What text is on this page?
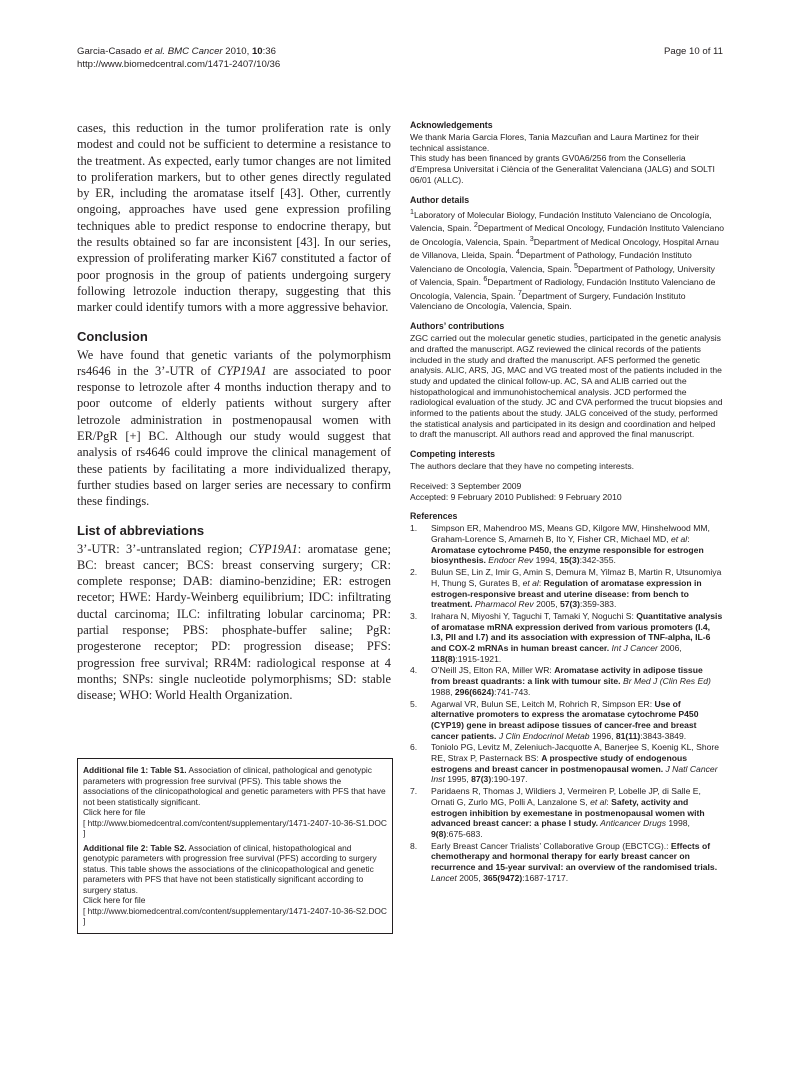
Garcia-Casado et al. BMC Cancer 2010, 10:36
http://www.biomedcentral.com/1471-2407/10/36
Page 10 of 11

cases, this reduction in the tumor proliferation rate is only modest and could not be sufficient to determine a resistance to the treatment. As expected, early tumor changes are not limited to proliferation markers, but to other genes directly regulated by ER, including the aromatase itself [43]. Other, currently ongoing, approaches have used gene expression profiling techniques able to predict response to endocrine therapy, but the results obtained so far are inconsistent [43]. In our series, expression of proliferating marker Ki67 constituted a factor of poor prognosis in the group of patients undergoing surgery following letrozole induction therapy, suggesting that this marker could identify tumors with a more aggressive behavior.

Conclusion

We have found that genetic variants of the polymorphism rs4646 in the 3’-UTR of CYP19A1 are associated to poor response to letrozole after 4 months induction therapy and to poor outcome of elderly patients without surgery after letrozole administration in postmenopausal women with ER/PgR [+] BC. Although our study would suggest that analysis of rs4646 could improve the clinical management of these patients by facilitating a more individualized therapy, further studies based on larger series are necessary to confirm these findings.

List of abbreviations

3’-UTR: 3’-untranslated region; CYP19A1: aromatase gene; BC: breast cancer; BCS: breast conserving surgery; CR: complete response; DAB: diamino-benzidine; ER: estrogen recetor; HWE: Hardy-Weinberg equilibrium; IDC: infiltrating ductal carcinoma; ILC: infiltrating lobular carcinoma; PR: partial response; PBS: phosphate-buffer saline; PgR: progesterone receptor; PD: progression disease; PFS: progression free survival; RR4M: radiological response at 4 months; SNPs: single nucleotide polymorphisms; SD: stable disease; WHO: World Health Organization.

Additional file 1: Table S1. Association of clinical, pathological and genotypic parameters with progression free survival (PFS). This table shows the associations of the clinicopathological and genetic parameters with PFS that have not been statistically significant.

Click here for file

[ http://www.biomedcentral.com/content/supplementary/1471-2407-10-36-S1.DOC ]

Additional file 2: Table S2. Association of clinical, histopathological and genotypic parameters with progression free survival (PFS) according to surgery status. This table shows the associations of the clinicopathological and genetic parameters with PFS that have not been statistically significant according to surgery status.

Click here for file

[ http://www.biomedcentral.com/content/supplementary/1471-2407-10-36-S2.DOC ]

Acknowledgements

We thank Maria Garcia Flores, Tania Mazcuñan and Laura Martinez for their technical assistance.

This study has been financed by grants GV0A6/256 from the Conselleria d’Empresa Universitat i Ciència of the Generalitat Valenciana (JALG) and SOLTI 06/01 (ALLC).

Author details

$^1$Laboratory of Molecular Biology, Fundación Instituto Valenciano de Oncología, Valencia, Spain. $^2$Department of Medical Oncology, Fundación Instituto Valenciano de Oncología, Valencia, Spain. $^3$Department of Medical Oncology, Hospital Arnau de Villanova, Lleida, Spain. $^4$Department of Pathology, Fundación Instituto Valenciano de Oncología, Valencia, Spain. $^5$Department of Pathology, University of Valencia, Spain. $^6$Department of Radiology, Fundación Instituto Valenciano de Oncología, Valencia, Spain. $^7$Department of Surgery, Fundación Instituto Valenciano de Oncología, Valencia, Spain.

Authors’ contributions

ZGC carried out the molecular genetic studies, participated in the genetic analysis and drafted the manuscript. AGZ reviewed the clinical records of the patients included in the study and drafted the manuscript. AFS performed the genetic analysis. ALIC, ARS, JG, MAC and VG treated most of the patients included in the study and updated the clinical follow-up. AC, SA and ALIB carried out the histopathological and immunohistochemical analysis. JCD performed the radiological evaluation of the study. JC and CVA performed the trucut biopsies and informed to the patients about the study. JALG conceived of the study, performed the statistical analysis and participated in its design and coordination and helped to draft the manuscript. All authors read and approved the final manuscript.

Competing interests

The authors declare that they have no competing interests.

Received: 3 September 2009

Accepted: 9 February 2010 Published: 9 February 2010

References
1. Simpson ER, Mahendroo MS, Means GD, Kilgore MW, Hinshelwood MM, Graham-Lorence S, Amarneh B, Ito Y, Fisher CR, Michael MD, et al: Aromatase cytochrome P450, the enzyme responsible for estrogen biosynthesis. Endocr Rev 1994, 15(3):342-355.
2. Bulun SE, Lin Z, Imir G, Amin S, Demura M, Yilmaz B, Martin R, Utsunomiya H, Thung S, Gurates B, et al: Regulation of aromatase expression in estrogen-responsive breast and uterine disease: from bench to treatment. Pharmacol Rev 2005, 57(3):359-383.
3. Irahara N, Miyoshi Y, Taguchi T, Tamaki Y, Noguchi S: Quantitative analysis of aromatase mRNA expression derived from various promoters (I.4, I.3, PII and I.7) and its association with expression of TNF-alpha, IL-6 and COX-2 mRNAs in human breast cancer. Int J Cancer 2006, 118(8):1915-1921.
4. O’Neill JS, Elton RA, Miller WR: Aromatase activity in adipose tissue from breast quadrants: a link with tumour site. Br Med J (Clin Res Ed) 1988, 296(6624):741-743.
5. Agarwal VR, Bulun SE, Leitch M, Rohrich R, Simpson ER: Use of alternative promoters to express the aromatase cytochrome P450 (CYP19) gene in breast adipose tissues of cancer-free and breast cancer patients. J Clin Endocrinol Metab 1996, 81(11):3843-3849.
6. Toniolo PG, Levitz M, Zeleniuch-Jacquotte A, Banerjee S, Koenig KL, Shore RE, Strax P, Pasternack BS: A prospective study of endogenous estrogens and breast cancer in postmenopausal women. J Natl Cancer Inst 1995, 87(3):190-197.
7. Paridaens R, Thomas J, Wildiers J, Vermeiren P, Lobelle JP, di Salle E, Ornati G, Zurlo MG, Polli A, Lanzalone S, et al: Safety, activity and estrogen inhibition by exemestane in postmenopausal women with advanced breast cancer: a phase I study. Anticancer Drugs 1998, 9(8):675-683.
8. Early Breast Cancer Trialists’ Collaborative Group (EBCTCG).: Effects of chemotherapy and hormonal therapy for early breast cancer on recurrence and 15-year survival: an overview of the randomised trials. Lancet 2005, 365(9472):1687-1717.
